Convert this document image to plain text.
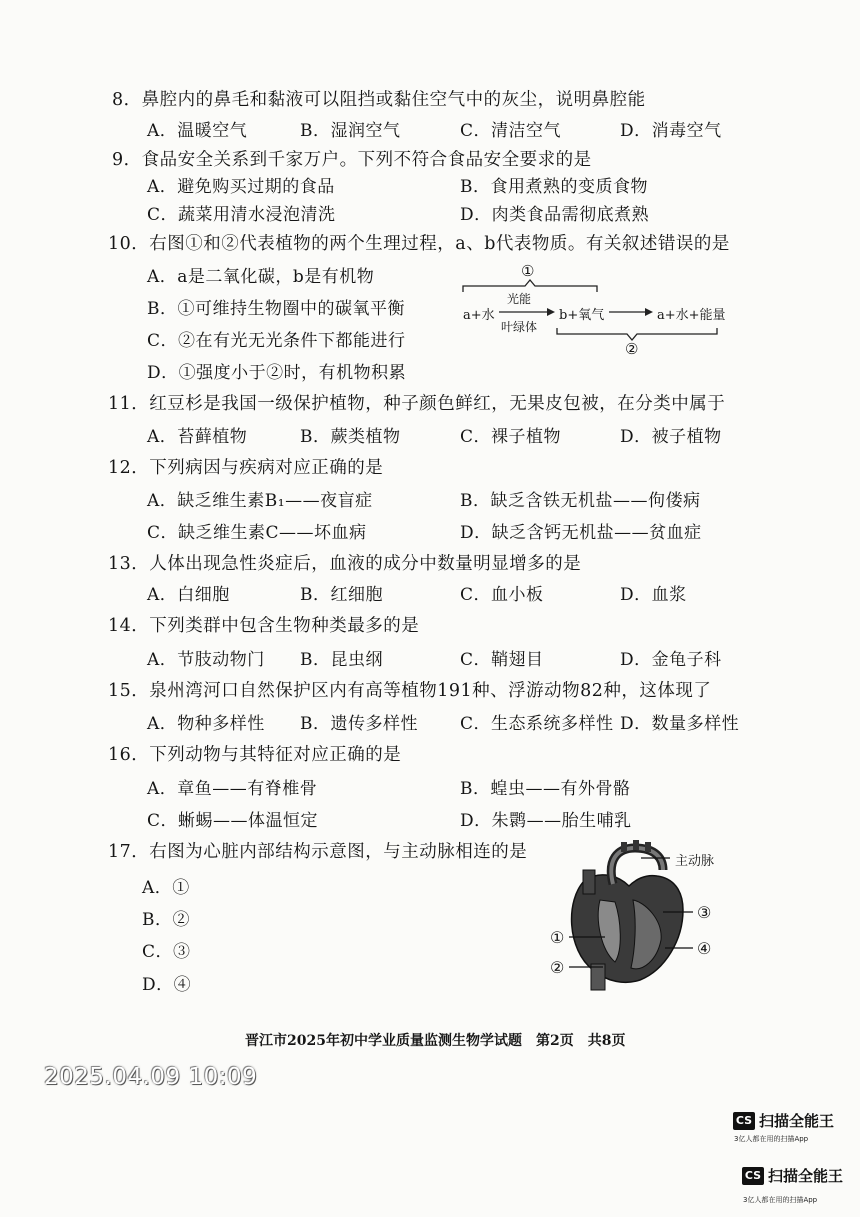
8．鼻腔内的鼻毛和黏液可以阻挡或黏住空气中的灰尘，说明鼻腔能
A．温暖空气	B．湿润空气	C．清洁空气	D．消毒空气
9．食品安全关系到千家万户。下列不符合食品安全要求的是
A．避免购买过期的食品	B．食用煮熟的变质食物
C．蔬菜用清水浸泡清洗	D．肉类食品需彻底煮熟
10．右图①和②代表植物的两个生理过程，a、b代表物质。有关叙述错误的是
A．a是二氧化碳，b是有机物
B．①可维持生物圈中的碳氧平衡
C．②在有光无光条件下都能进行
D．①强度小于②时，有机物积累
①
光能
a+水	b+氧气	a+水+能量
叶绿体
②
11．红豆杉是我国一级保护植物，种子颜色鲜红，无果皮包被，在分类中属于
A．苔藓植物	B．蕨类植物	C．裸子植物	D．被子植物
12．下列病因与疾病对应正确的是
A．缺乏维生素B₁——夜盲症	B．缺乏含铁无机盐——佝偻病
C．缺乏维生素C——坏血病	D．缺乏含钙无机盐——贫血症
13．人体出现急性炎症后，血液的成分中数量明显增多的是
A．白细胞	B．红细胞	C．血小板	D．血浆
14．下列类群中包含生物种类最多的是
A．节肢动物门 B．昆虫纲	C．鞘翅目	D．金龟子科
15．泉州湾河口自然保护区内有高等植物191种、浮游动物82种，这体现了
A．物种多样性 B．遗传多样性 C．生态系统多样性 D．数量多样性
16．下列动物与其特征对应正确的是
A．章鱼——有脊椎骨	B．蝗虫——有外骨骼
C．蜥蜴——体温恒定	D．朱鹮——胎生哺乳
17．右图为心脏内部结构示意图，与主动脉相连的是
A．①
B．②
C．③
D．④
主动脉
③
④
①
②
晋江市2025年初中学业质量监测生物学试题　第2页　共8页
2025.04.09 10:09
CS 扫描全能王
3亿人都在用的扫描App
CS 扫描全能王
3亿人都在用的扫描App
